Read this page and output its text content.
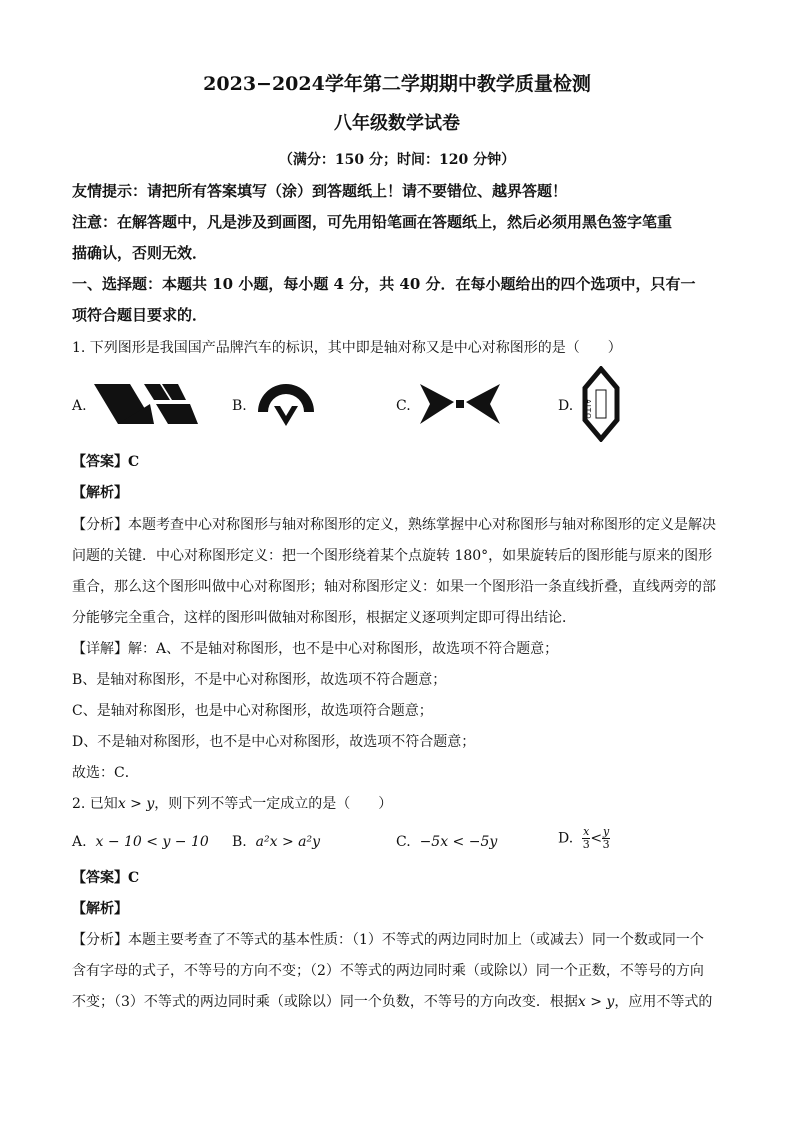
2023−2024学年第二学期期中教学质量检测
八年级数学试卷
（满分：150 分；时间：120 分钟）
友情提示：请把所有答案填写（涂）到答题纸上！请不要错位、越界答题！
注意：在解答题中，凡是涉及到画图，可先用铅笔画在答题纸上，然后必须用黑色签字笔重
描确认，否则无效．
一、选择题：本题共 10 小题，每小题 4 分，共 40 分．在每小题给出的四个选项中，只有一
项符合题目要求的．
1. 下列图形是我国国产品牌汽车的标识，其中即是轴对称又是中心对称图形的是（　　）
A.	B.	C.	D. AITO
【答案】C
【解析】
【分析】本题考查中心对称图形与轴对称图形的定义，熟练掌握中心对称图形与轴对称图形的定义是解决
问题的关键．中心对称图形定义：把一个图形绕着某个点旋转 180°，如果旋转后的图形能与原来的图形
重合，那么这个图形叫做中心对称图形；轴对称图形定义：如果一个图形沿一条直线折叠，直线两旁的部
分能够完全重合，这样的图形叫做轴对称图形，根据定义逐项判定即可得出结论．
【详解】解：A、不是轴对称图形，也不是中心对称图形，故选项不符合题意；
B、是轴对称图形，不是中心对称图形，故选项不符合题意；
C、是轴对称图形，也是中心对称图形，故选项符合题意；
D、不是轴对称图形，也不是中心对称图形，故选项不符合题意；
故选：C．
2. 已知x > y，则下列不等式一定成立的是（　　）
A. x − 10 < y − 10 B. a²x > a²y	C. −5x < −5y	D. $\frac{x}{3} < \frac{y}{3}$
【答案】C
【解析】
【分析】本题主要考查了不等式的基本性质：（1）不等式的两边同时加上（或减去）同一个数或同一个
含有字母的式子，不等号的方向不变；（2）不等式的两边同时乘（或除以）同一个正数，不等号的方向
不变；（3）不等式的两边同时乘（或除以）同一个负数，不等号的方向改变．根据x > y，应用不等式的
